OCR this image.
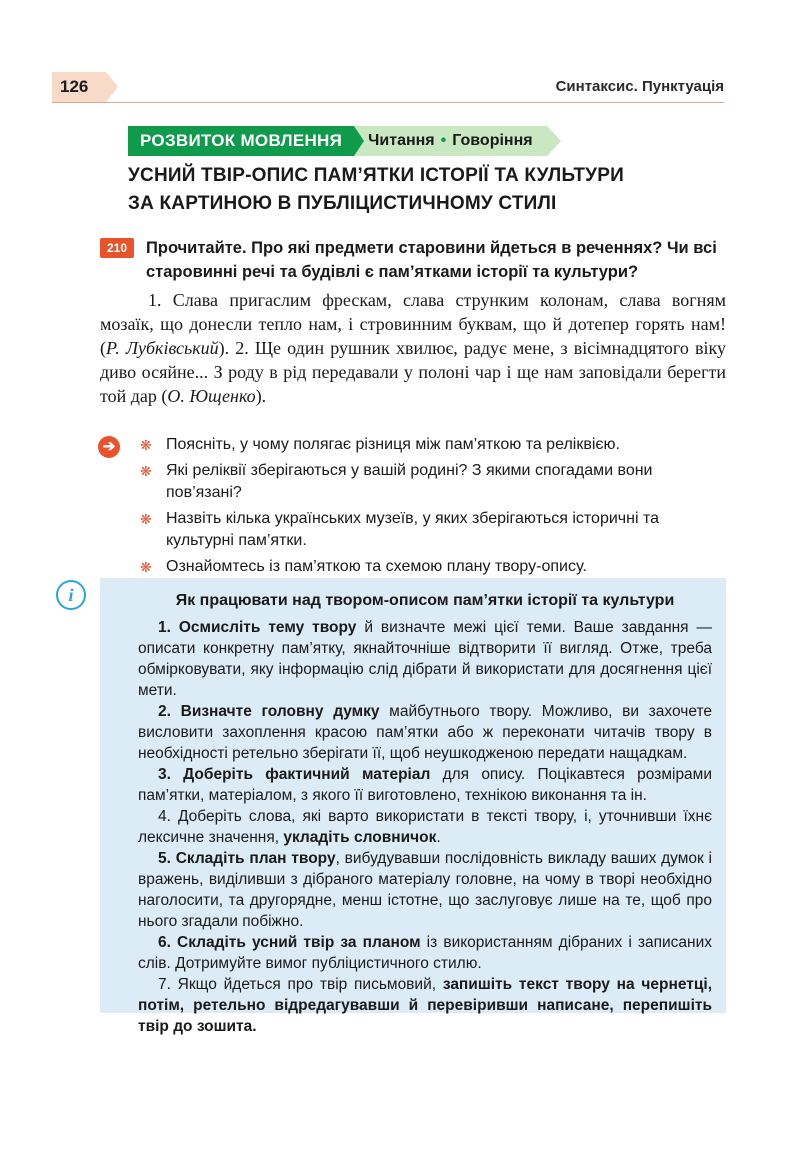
126	Синтаксис. Пунктуація
РОЗВИТОК МОВЛЕННЯ	Читання • Говоріння
УСНИЙ ТВІР-ОПИС ПАМ’ЯТКИ ІСТОРІЇ ТА КУЛЬТУРИ
ЗА КАРТИНОЮ В ПУБЛІЦИСТИЧНОМУ СТИЛІ
210	Прочитайте. Про які предмети старовини йдеться в реченнях? Чи всі старовинні речі та будівлі є пам’ятками історії та культури?

1. Слава пригаслим фрескам, слава струнким колонам, слава вогням мозаїк, що донесли тепло нам, і стровинним буквам, що й дотепер горять нам! (Р. Лубківський). 2. Ще один рушник хвилює, радує мене, з вісімнадцятого віку диво осяйне... З роду в рід передавали у полоні чар і ще нам заповідали берегти той дар (О. Ющенко).

➔	❋ Поясніть, у чому полягає різниця між пам’яткою та реліквією.
❋ Які реліквії зберігаються у вашій родині? З якими спогадами вони пов’язані?
❋ Назвіть кілька українських музеїв, у яких зберігаються історичні та культурні пам’ятки.
❋ Ознайомтесь із пам’яткою та схемою плану твору-опису.
i	Як працювати над твором-описом пам’ятки історії та культури

1. Осмисліть тему твору й визначте межі цієї теми. Ваше завдання — описати конкретну пам’ятку, якнайточніше відтворити її вигляд. Отже, треба обмірковувати, яку інформацію слід дібрати й використати для досягнення цієї мети.

2. Визначте головну думку майбутнього твору. Можливо, ви захочете висловити захоплення красою пам’ятки або ж переконати читачів твору в необхідності ретельно зберігати її, щоб неушкодженою передати нащадкам.

3. Доберіть фактичний матеріал для опису. Поцікавтеся розмірами пам’ятки, матеріалом, з якого її виготовлено, технікою виконання та ін.

4. Доберіть слова, які варто використати в тексті твору, і, уточнивши їхнє лексичне значення, укладіть словничок.

5. Складіть план твору, вибудувавши послідовність викладу ваших думок і вражень, виділивши з дібраного матеріалу головне, на чому в творі необхідно наголосити, та другорядне, менш істотне, що заслуговує лише на те, щоб про нього згадали побіжно.

6. Складіть усний твір за планом із використанням дібраних і записаних слів. Дотримуйте вимог публіцистичного стилю.

7. Якщо йдеться про твір письмовий, запишіть текст твору на чернетці, потім, ретельно відредагувавши й перевіривши написане, перепишіть твір до зошита.
